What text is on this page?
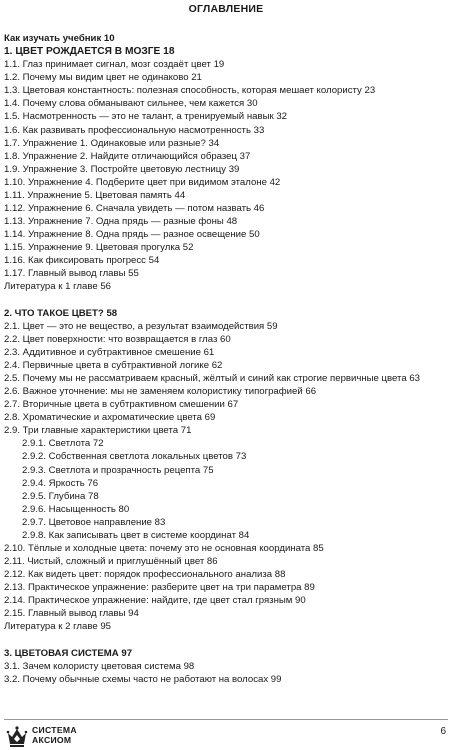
ОГЛАВЛЕНИЕ
Как изучать учебник 10
1. ЦВЕТ РОЖДАЕТСЯ В МОЗГЕ 18
1.1. Глаз принимает сигнал, мозг создаёт цвет 19
1.2. Почему мы видим цвет не одинаково 21
1.3. Цветовая константность: полезная способность, которая мешает колористу 23
1.4. Почему слова обманывают сильнее, чем кажется 30
1.5. Насмотренность — это не талант, а тренируемый навык 32
1.6. Как развивать профессиональную насмотренность 33
1.7. Упражнение 1. Одинаковые или разные? 34
1.8. Упражнение 2. Найдите отличающийся образец 37
1.9. Упражнение 3. Постройте цветовую лестницу 39
1.10. Упражнение 4. Подберите цвет при видимом эталоне 42
1.11. Упражнение 5. Цветовая память 44
1.12. Упражнение 6. Сначала увидеть — потом назвать 46
1.13. Упражнение 7. Одна прядь — разные фоны 48
1.14. Упражнение 8. Одна прядь — разное освещение 50
1.15. Упражнение 9. Цветовая прогулка 52
1.16. Как фиксировать прогресс 54
1.17. Главный вывод главы 55
Литература к 1 главе 56
2. ЧТО ТАКОЕ ЦВЕТ? 58
2.1. Цвет — это не вещество, а результат взаимодействия 59
2.2. Цвет поверхности: что возвращается в глаз 60
2.3. Аддитивное и субтрактивное смешение 61
2.4. Первичные цвета в субтрактивной логике 62
2.5. Почему мы не рассматриваем красный, жёлтый и синий как строгие первичные цвета 63
2.6. Важное уточнение: мы не заменяем колористику типографией 66
2.7. Вторичные цвета в субтрактивном смешении 67
2.8. Хроматические и ахроматические цвета 69
2.9. Три главные характеристики цвета 71
2.9.1. Светлота 72
2.9.2. Собственная светлота локальных цветов 73
2.9.3. Светлота и прозрачность рецепта 75
2.9.4. Яркость 76
2.9.5. Глубина 78
2.9.6. Насыщенность 80
2.9.7. Цветовое направление 83
2.9.8. Как записывать цвет в системе координат 84
2.10. Тёплые и холодные цвета: почему это не основная координата 85
2.11. Чистый, сложный и приглушённый цвет 86
2.12. Как видеть цвет: порядок профессионального анализа 88
2.13. Практическое упражнение: разберите цвет на три параметра 89
2.14. Практическое упражнение: найдите, где цвет стал грязным 90
2.15. Главный вывод главы 94
Литература к 2 главе 95
3. ЦВЕТОВАЯ СИСТЕМА 97
3.1. Зачем колористу цветовая система 98
3.2. Почему обычные схемы часто не работают на волосах 99
СИСТЕМА
АКСИОМ
6
